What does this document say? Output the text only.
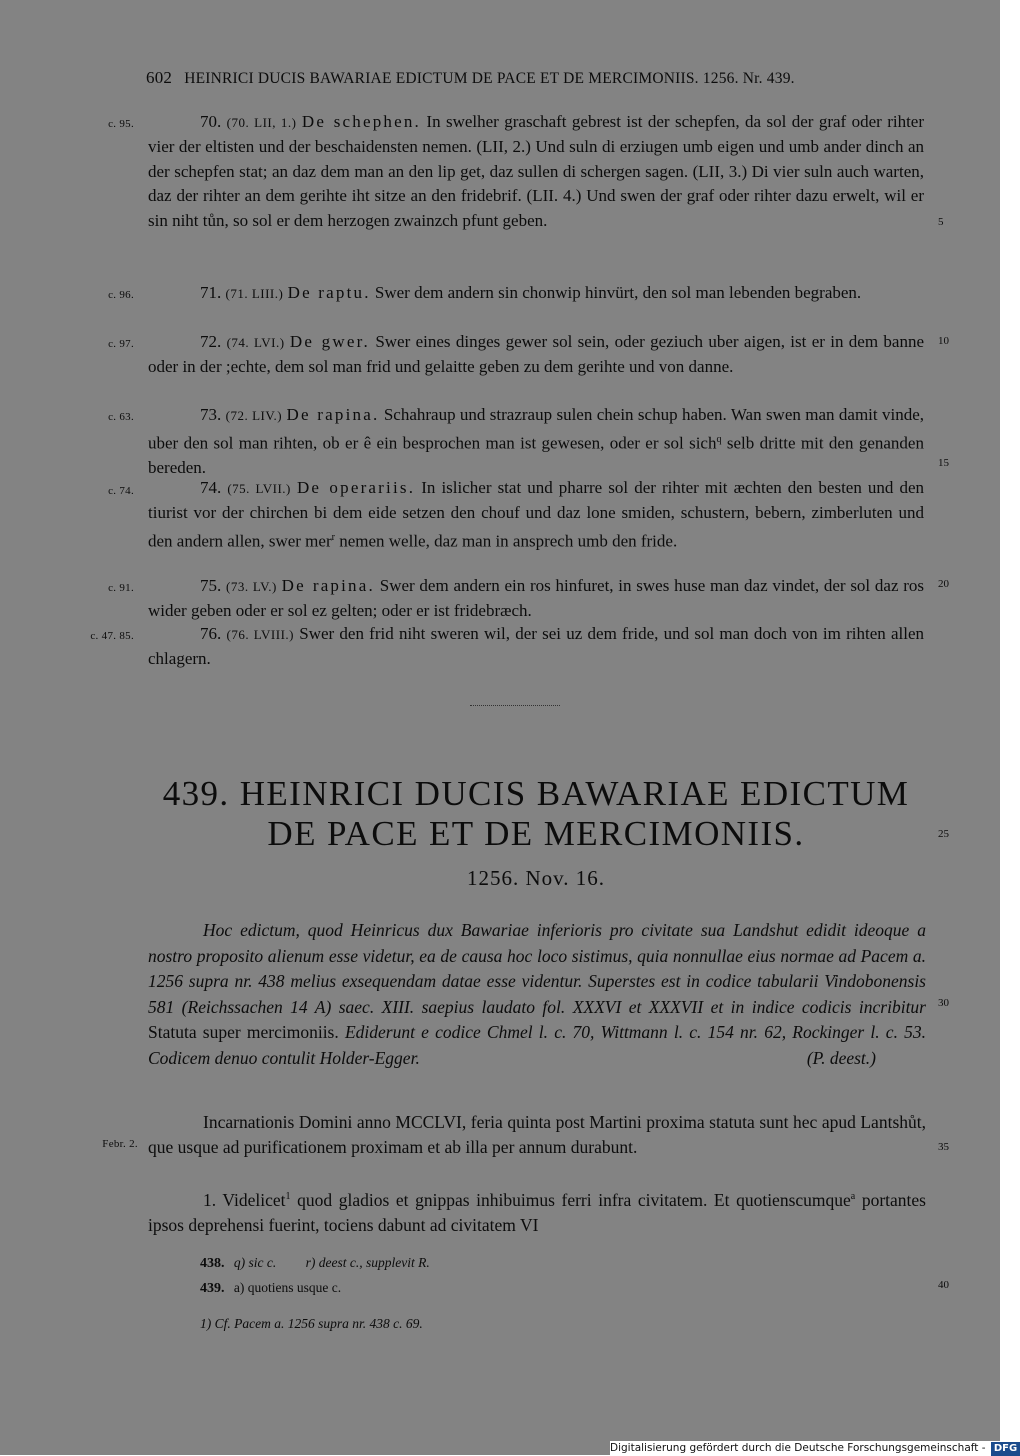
602 HEINRICI DUCIS BAWARIAE EDICTUM DE PACE ET DE MERCIMONIIS. 1256. Nr. 439.
c. 95.
c. 96.
c. 97.
c. 63.
c. 74.
c. 91.
c. 47. 85.
70. (70. LII, 1.) De schephen. In swelher graschaft gebrest ist der schepfen, da sol der graf oder rihter vier der eltisten und der beschaidensten nemen. (LII, 2.) Und suln di erziugen umb eigen und umb ander dinch an der schepfen stat; an daz dem man an den lip get, daz sullen di schergen sagen. (LII, 3.) Di vier suln auch warten, daz der rihter an dem gerihte iht sitze an den fridebrif. (LII. 4.) Und swen der graf oder rihter dazu erwelt, wil er sin niht tůn, so sol er dem herzogen zwainzch pfunt geben.
71. (71. LIII.) De raptu. Swer dem andern sin chonwip hinvürt, den sol man lebenden begraben.
72. (74. LVI.) De gwer. Swer eines dinges gewer sol sein, oder geziuch uber aigen, ist er in dem banne oder in der ;echte, dem sol man frid und gelaitte geben zu dem gerihte und von danne.
73. (72. LIV.) De rapina. Schahraup und strazraup sulen chein schup haben. Wan swen man damit vinde, uber den sol man rihten, ob er ê ein besprochen man ist gewesen, oder er sol sich$^q$ selb dritte mit den genanden bereden.
74. (75. LVII.) De operariis. In islicher stat und pharre sol der rihter mit æchten den besten und den tiurist vor der chirchen bi dem eide setzen den chouf und daz lone smiden, schustern, bebern, zimberluten und den andern allen, swer mer$^r$ nemen welle, daz man in ansprech umb den fride.
75. (73. LV.) De rapina. Swer dem andern ein ros hinfuret, in swes huse man daz vindet, der sol daz ros wider geben oder er sol ez gelten; oder er ist fridebræch.
76. (76. LVIII.) Swer den frid niht sweren wil, der sei uz dem fride, und sol man doch von im rihten allen chlagern.
5
10
15
20
25
30
35
40
439. HEINRICI DUCIS BAWARIAE EDICTUM
DE PACE ET DE MERCIMONIIS.
1256. Nov. 16.
Hoc edictum, quod Heinricus dux Bawariae inferioris pro civitate sua Landshut edidit ideoque a nostro proposito alienum esse videtur, ea de causa hoc loco sistimus, quia nonnullae eius normae ad Pacem a. 1256 supra nr. 438 melius exsequendam datae esse videntur. Superstes est in codice tabularii Vindobonensis 581 (Reichssachen 14 A) saec. XIII. saepius laudato fol. XXXVI et XXXVII et in indice codicis incribitur Statuta super mercimoniis. Ediderunt e codice Chmel l. c. 70, Wittmann l. c. 154 nr. 62, Rockinger l. c. 53. Codicem denuo contulit Holder-Egger.	(P. deest.)
Febr. 2.
Incarnationis Domini anno MCCLVI, feria quinta post Martini proxima statuta sunt hec apud Lantshůt, que usque ad purificationem proximam et ab illa per annum durabunt.
1. Videlicet$^1$ quod gladios et gnippas inhibuimus ferri infra civitatem. Et quotienscumque$^a$ portantes ipsos deprehensi fuerint, tociens dabunt ad civitatem VI
438. q) sic c. r) deest c., supplevit R.
439. a) quotiens usque c.
1) Cf. Pacem a. 1256 supra nr. 438 c. 69.
Digitalisierung gefördert durch die Deutsche Forschungsgemeinschaft - DFG
